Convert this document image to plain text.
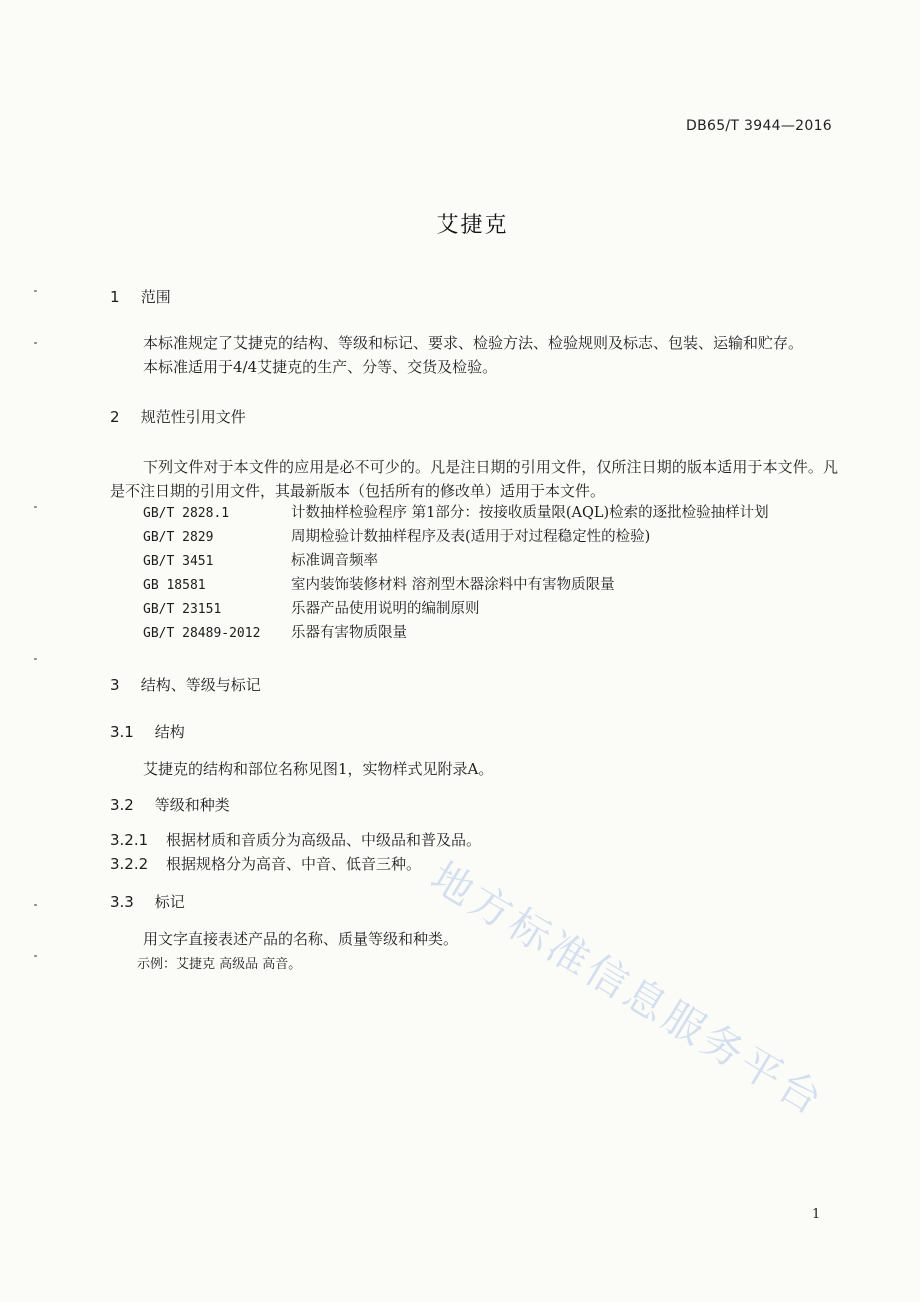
DB65/T 3944—2016
艾捷克
1 范围
本标准规定了艾捷克的结构、等级和标记、要求、检验方法、检验规则及标志、包装、运输和贮存。
本标准适用于4/4艾捷克的生产、分等、交货及检验。
2 规范性引用文件
下列文件对于本文件的应用是必不可少的。凡是注日期的引用文件，仅所注日期的版本适用于本文件。凡是不注日期的引用文件，其最新版本（包括所有的修改单）适用于本文件。
GB/T 2828.1	计数抽样检验程序 第1部分：按接收质量限(AQL)检索的逐批检验抽样计划
GB/T 2829	周期检验计数抽样程序及表(适用于对过程稳定性的检验)
GB/T 3451	标准调音频率
GB 18581	室内装饰装修材料 溶剂型木器涂料中有害物质限量
GB/T 23151	乐器产品使用说明的编制原则
GB/T 28489-2012 乐器有害物质限量
3 结构、等级与标记
3.1 结构
艾捷克的结构和部位名称见图1，实物样式见附录A。
3.2 等级和种类
3.2.1 根据材质和音质分为高级品、中级品和普及品。
3.2.2 根据规格分为高音、中音、低音三种。
3.3 标记
用文字直接表述产品的名称、质量等级和种类。
示例：艾捷克 高级品 高音。
1
地方标准信息服务平台
